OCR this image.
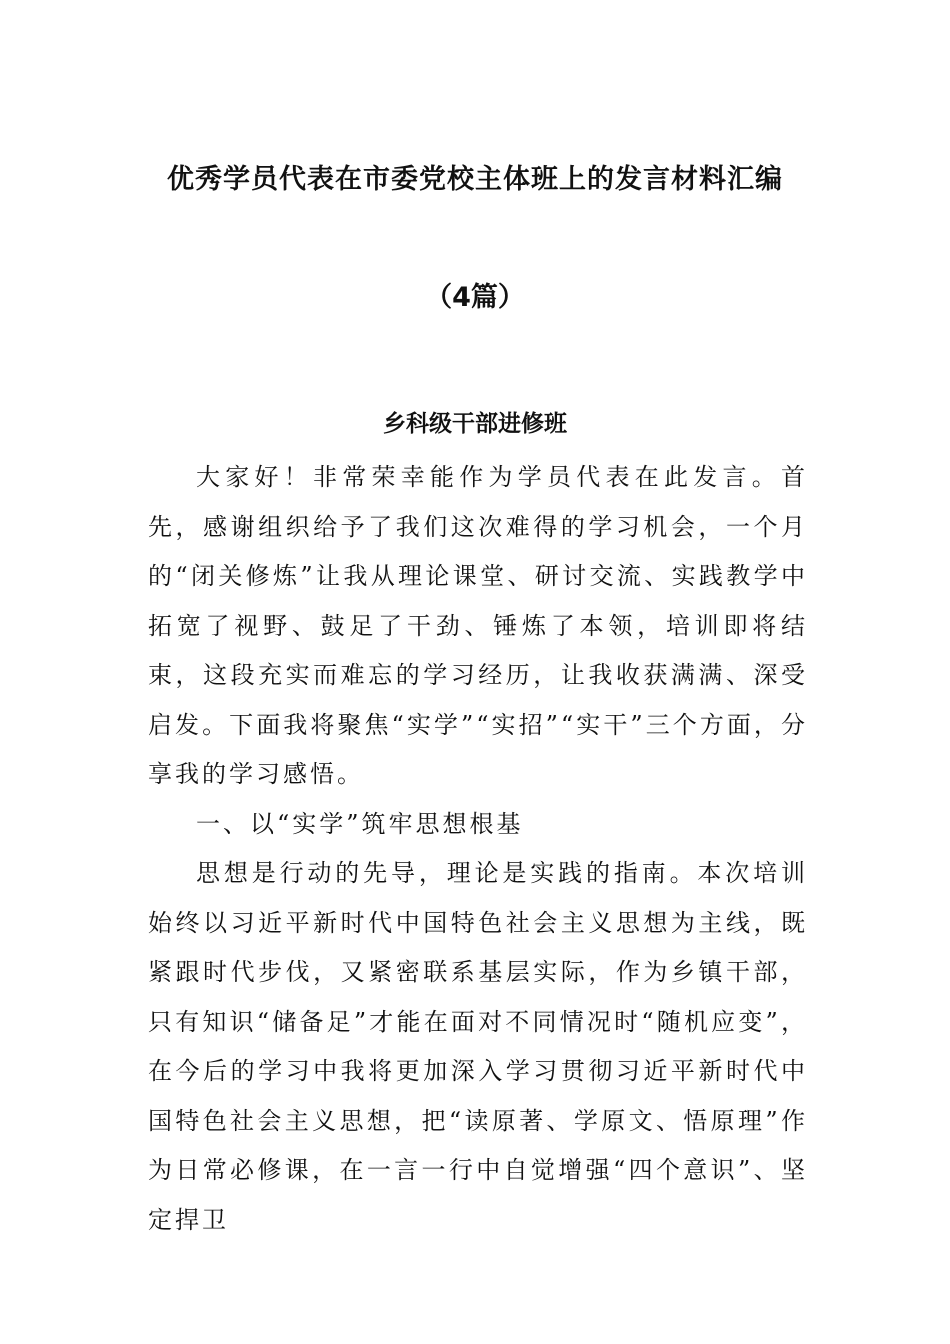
优秀学员代表在市委党校主体班上的发言材料汇编
（4篇）
乡科级干部进修班

大家好！非常荣幸能作为学员代表在此发言。首先，感谢组织给予了我们这次难得的学习机会，一个月的“闭关修炼”让我从理论课堂、研讨交流、实践教学中拓宽了视野、鼓足了干劲、锤炼了本领，培训即将结束，这段充实而难忘的学习经历，让我收获满满、深受启发。下面我将聚焦“实学”“实招”“实干”三个方面，分享我的学习感悟。

一、以“实学”筑牢思想根基

思想是行动的先导，理论是实践的指南。本次培训始终以习近平新时代中国特色社会主义思想为主线，既紧跟时代步伐，又紧密联系基层实际，作为乡镇干部，只有知识“储备足”才能在面对不同情况时“随机应变”，在今后的学习中我将更加深入学习贯彻习近平新时代中国特色社会主义思想，把“读原著、学原文、悟原理”作为日常必修课，在一言一行中自觉增强“四个意识”、坚定捍卫
